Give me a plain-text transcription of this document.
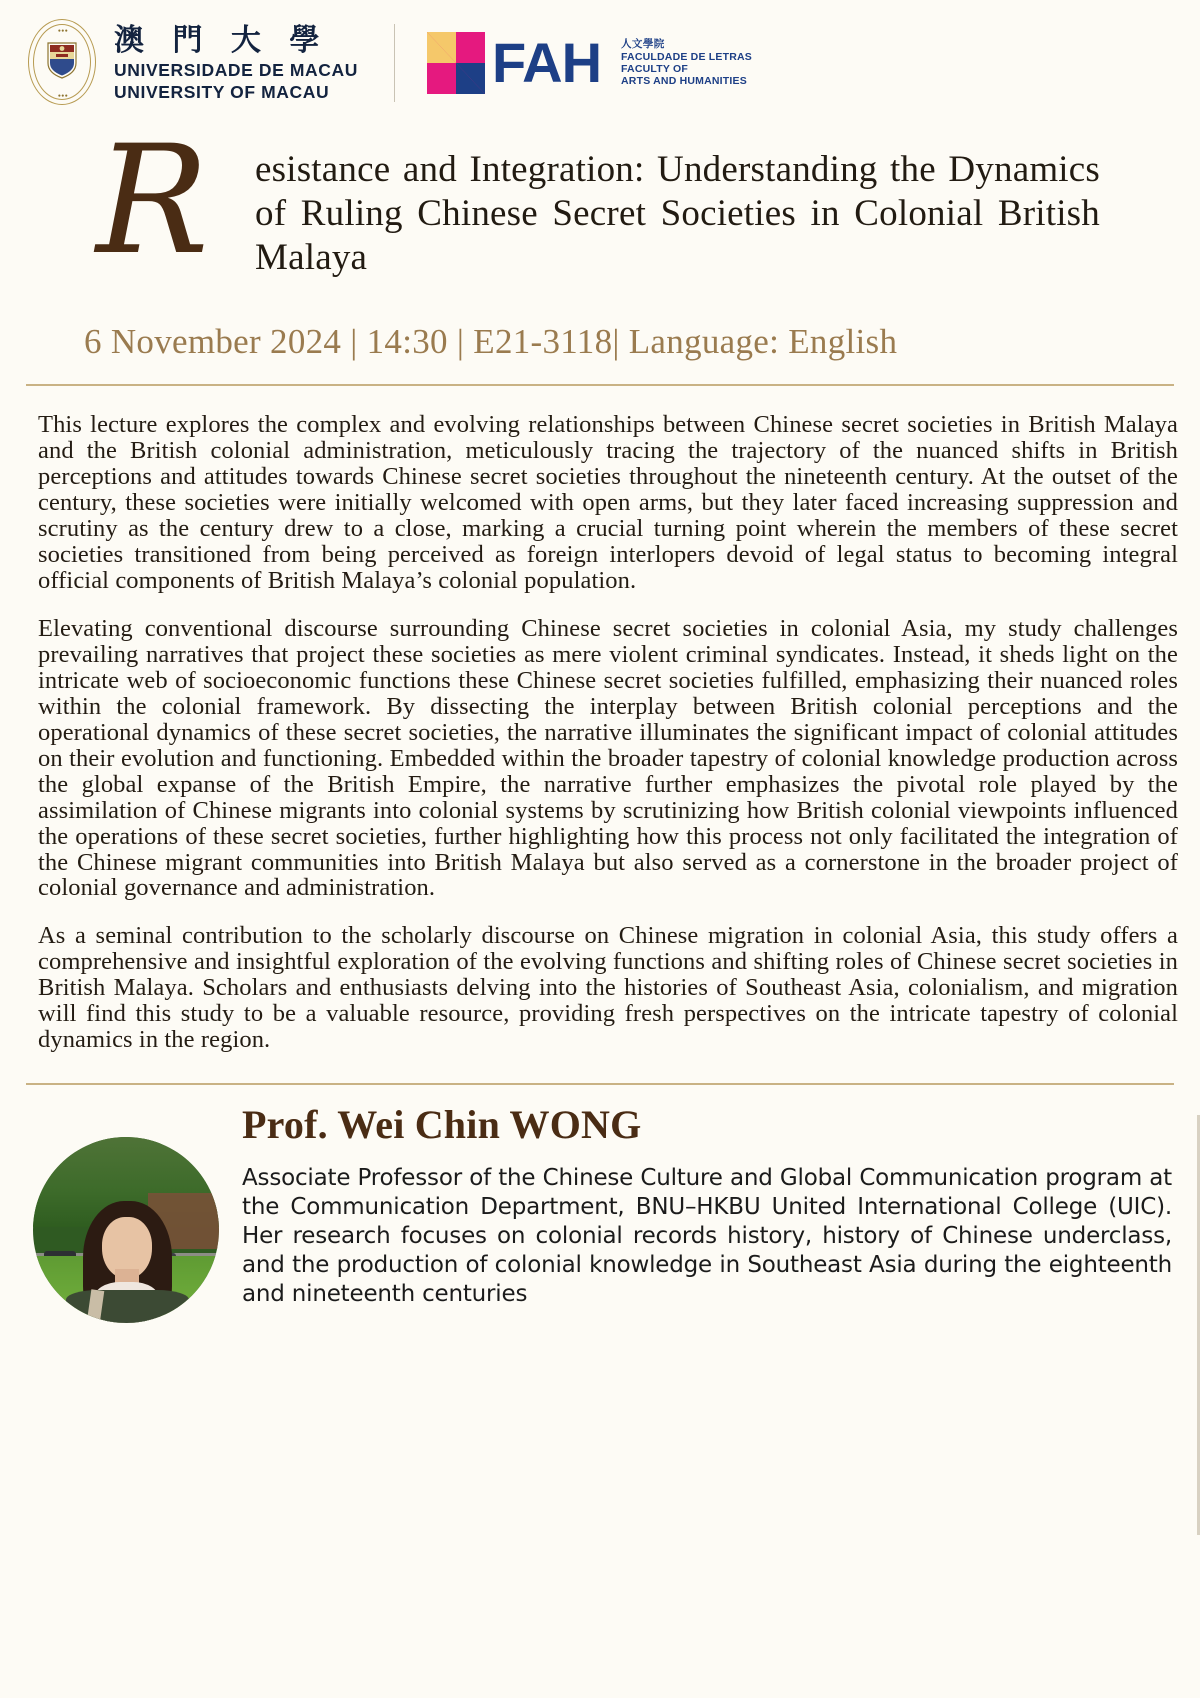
●●●
●●●
澳 門 大 學
UNIVERSIDADE DE MACAU
UNIVERSITY OF MACAU	FAH 人文學院
FACULDADE DE LETRAS
FACULTY OF
ARTS AND HUMANITIES
R esistance and Integration: Understanding the Dynamics of Ruling Chinese Secret Societies in Colonial British Malaya
6 November 2024 | 14:30 | E21-3118| Language: English

This lecture explores the complex and evolving relationships between Chinese secret societies in British Malaya and the British colonial administration, meticulously tracing the trajectory of the nuanced shifts in British perceptions and attitudes towards Chinese secret societies throughout the nineteenth century. At the outset of the century, these societies were initially welcomed with open arms, but they later faced increasing suppression and scrutiny as the century drew to a close, marking a crucial turning point wherein the members of these secret societies transitioned from being perceived as foreign interlopers devoid of legal status to becoming integral official components of British Malaya’s colonial population.

Elevating conventional discourse surrounding Chinese secret societies in colonial Asia, my study challenges prevailing narratives that project these societies as mere violent criminal syndicates. Instead, it sheds light on the intricate web of socioeconomic functions these Chinese secret societies fulfilled, emphasizing their nuanced roles within the colonial framework. By dissecting the interplay between British colonial perceptions and the operational dynamics of these secret societies, the narrative illuminates the significant impact of colonial attitudes on their evolution and functioning. Embedded within the broader tapestry of colonial knowledge production across the global expanse of the British Empire, the narrative further emphasizes the pivotal role played by the assimilation of Chinese migrants into colonial systems by scrutinizing how British colonial viewpoints influenced the operations of these secret societies, further highlighting how this process not only facilitated the integration of the Chinese migrant communities into British Malaya but also served as a cornerstone in the broader project of colonial governance and administration.

As a seminal contribution to the scholarly discourse on Chinese migration in colonial Asia, this study offers a comprehensive and insightful exploration of the evolving functions and shifting roles of Chinese secret societies in British Malaya. Scholars and enthusiasts delving into the histories of Southeast Asia, colonialism, and migration will find this study to be a valuable resource, providing fresh perspectives on the intricate tapestry of colonial dynamics in the region.

Prof. Wei Chin WONG
Associate Professor of the Chinese Culture and Global Communication program at the Communication Department, BNU–HKBU United International College (UIC). Her research focuses on colonial records history, history of Chinese underclass, and the production of colonial knowledge in Southeast Asia during the eighteenth and nineteenth centuries
